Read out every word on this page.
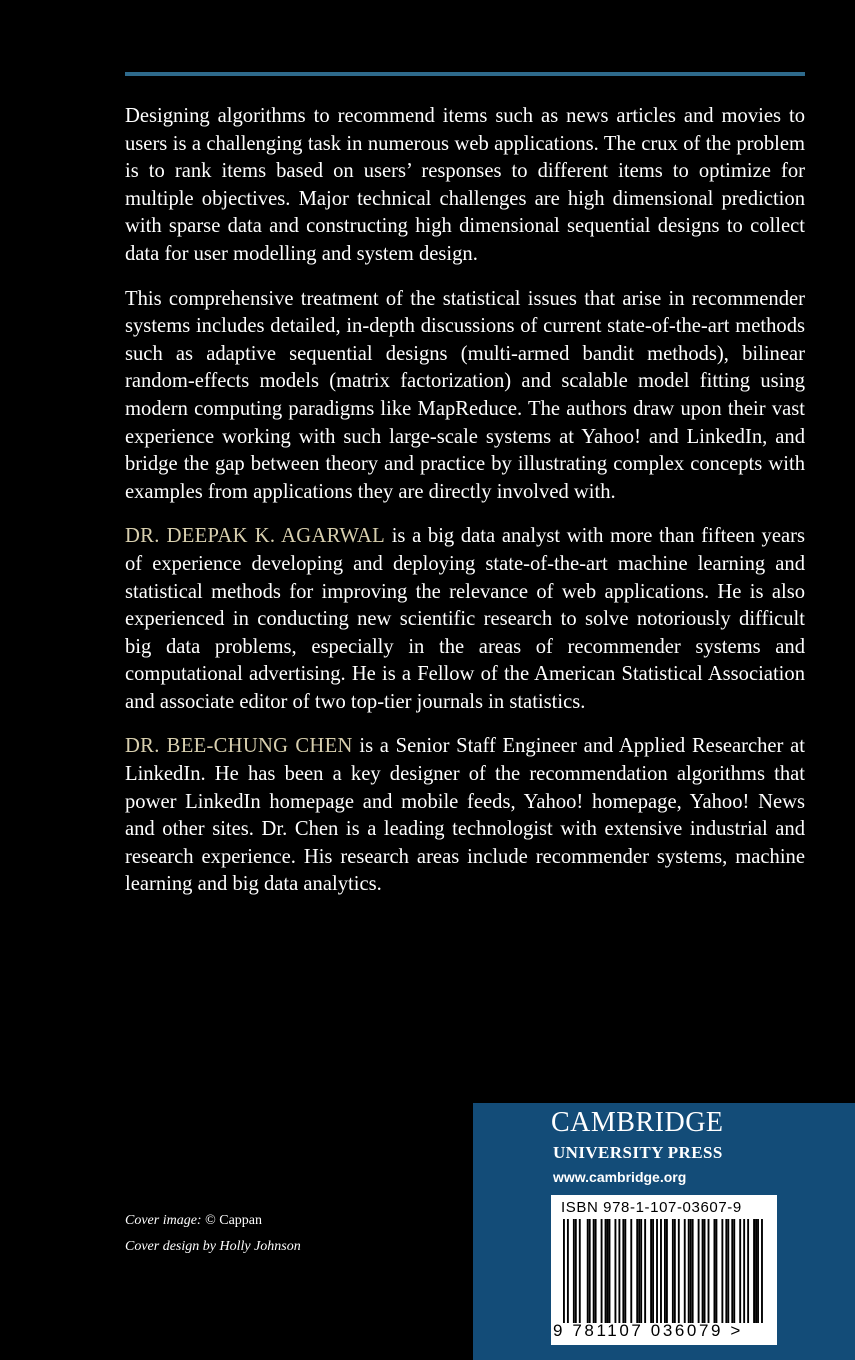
Designing algorithms to recommend items such as news articles and movies to users is a challenging task in numerous web applications. The crux of the problem is to rank items based on users’ responses to different items to optimize for multiple objectives. Major technical challenges are high dimensional prediction with sparse data and constructing high dimensional sequential designs to collect data for user modelling and system design.

This comprehensive treatment of the statistical issues that arise in recommender systems includes detailed, in-depth discussions of current state-of-the-art methods such as adaptive sequential designs (multi-armed bandit methods), bilinear random-effects models (matrix factorization) and scalable model fitting using modern computing paradigms like MapReduce. The authors draw upon their vast experience working with such large-scale systems at Yahoo! and LinkedIn, and bridge the gap between theory and practice by illustrating complex concepts with examples from applications they are directly involved with.

DR. DEEPAK K. AGARWAL is a big data analyst with more than fifteen years of experience developing and deploying state-of-the-art machine learning and statistical methods for improving the relevance of web applications. He is also experienced in conducting new scientific research to solve notoriously difficult big data problems, especially in the areas of recommender systems and computational advertising. He is a Fellow of the American Statistical Association and associate editor of two top-tier journals in statistics.

DR. BEE-CHUNG CHEN is a Senior Staff Engineer and Applied Researcher at LinkedIn. He has been a key designer of the recommendation algorithms that power LinkedIn homepage and mobile feeds, Yahoo! homepage, Yahoo! News and other sites. Dr. Chen is a leading technologist with extensive industrial and research experience. His research areas include recommender systems, machine learning and big data analytics.

Cover image: © Cappan
Cover design by Holly Johnson
CAMBRIDGE
UNIVERSITY PRESS
www.cambridge.org
ISBN 978-1-107-03607-9
9 781107 036079 >
